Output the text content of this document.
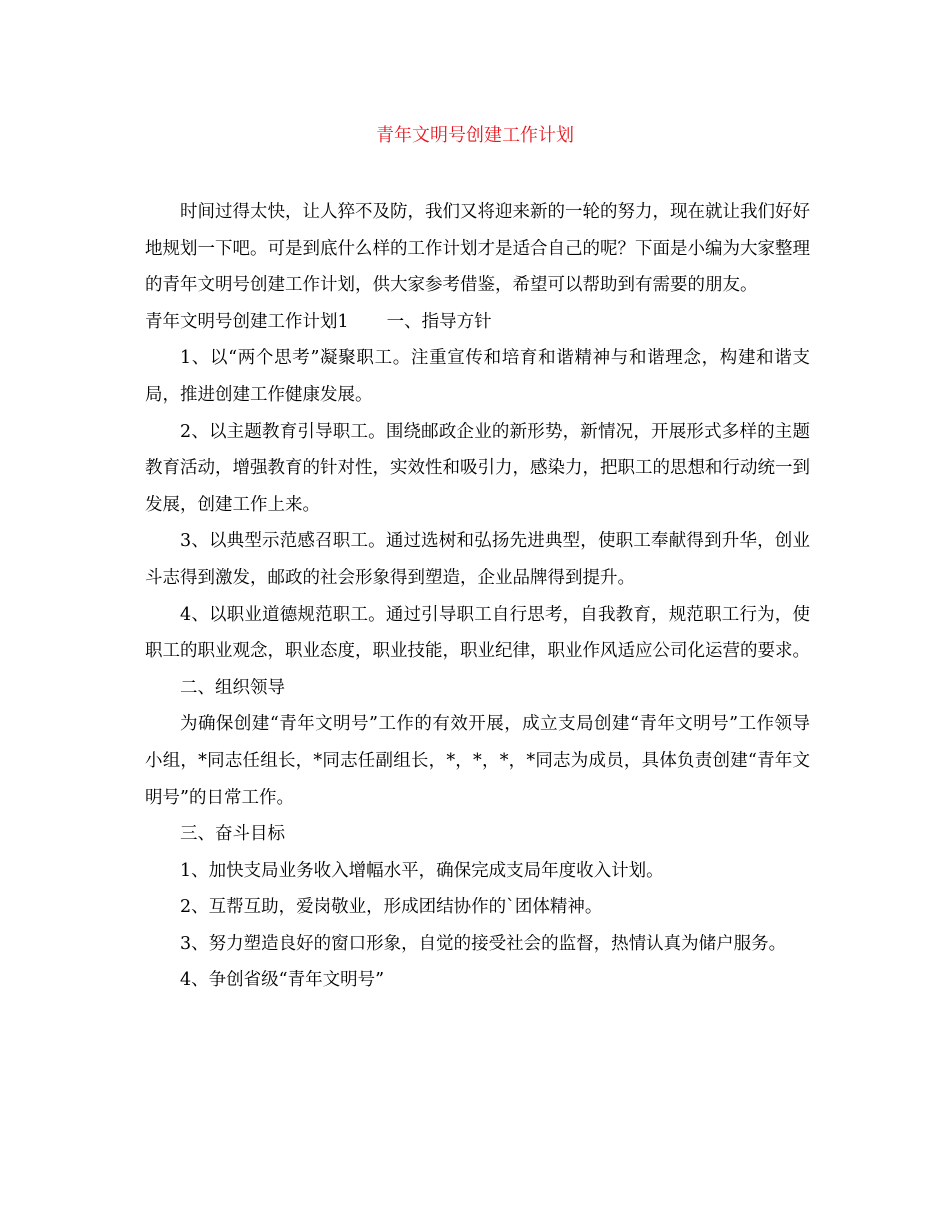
青年文明号创建工作计划

时间过得太快，让人猝不及防，我们又将迎来新的一轮的努力，现在就让我们好好地规划一下吧。可是到底什么样的工作计划才是适合自己的呢？下面是小编为大家整理的青年文明号创建工作计划，供大家参考借鉴，希望可以帮助到有需要的朋友。

青年文明号创建工作计划1 一、指导方针

1、以“两个思考”凝聚职工。注重宣传和培育和谐精神与和谐理念，构建和谐支局，推进创建工作健康发展。

2、以主题教育引导职工。围绕邮政企业的新形势，新情况，开展形式多样的主题教育活动，增强教育的针对性，实效性和吸引力，感染力，把职工的思想和行动统一到发展，创建工作上来。

3、以典型示范感召职工。通过选树和弘扬先进典型，使职工奉献得到升华，创业斗志得到激发，邮政的社会形象得到塑造，企业品牌得到提升。

4、以职业道德规范职工。通过引导职工自行思考，自我教育，规范职工行为，使职工的职业观念，职业态度，职业技能，职业纪律，职业作风适应公司化运营的要求。

二、组织领导

为确保创建“青年文明号”工作的有效开展，成立支局创建“青年文明号”工作领导小组，*同志任组长，*同志任副组长，*，*，*，*同志为成员，具体负责创建“青年文明号”的日常工作。

三、奋斗目标

1、加快支局业务收入增幅水平，确保完成支局年度收入计划。

2、互帮互助，爱岗敬业，形成团结协作的`团体精神。

3、努力塑造良好的窗口形象，自觉的接受社会的监督，热情认真为储户服务。

4、争创省级“青年文明号”
